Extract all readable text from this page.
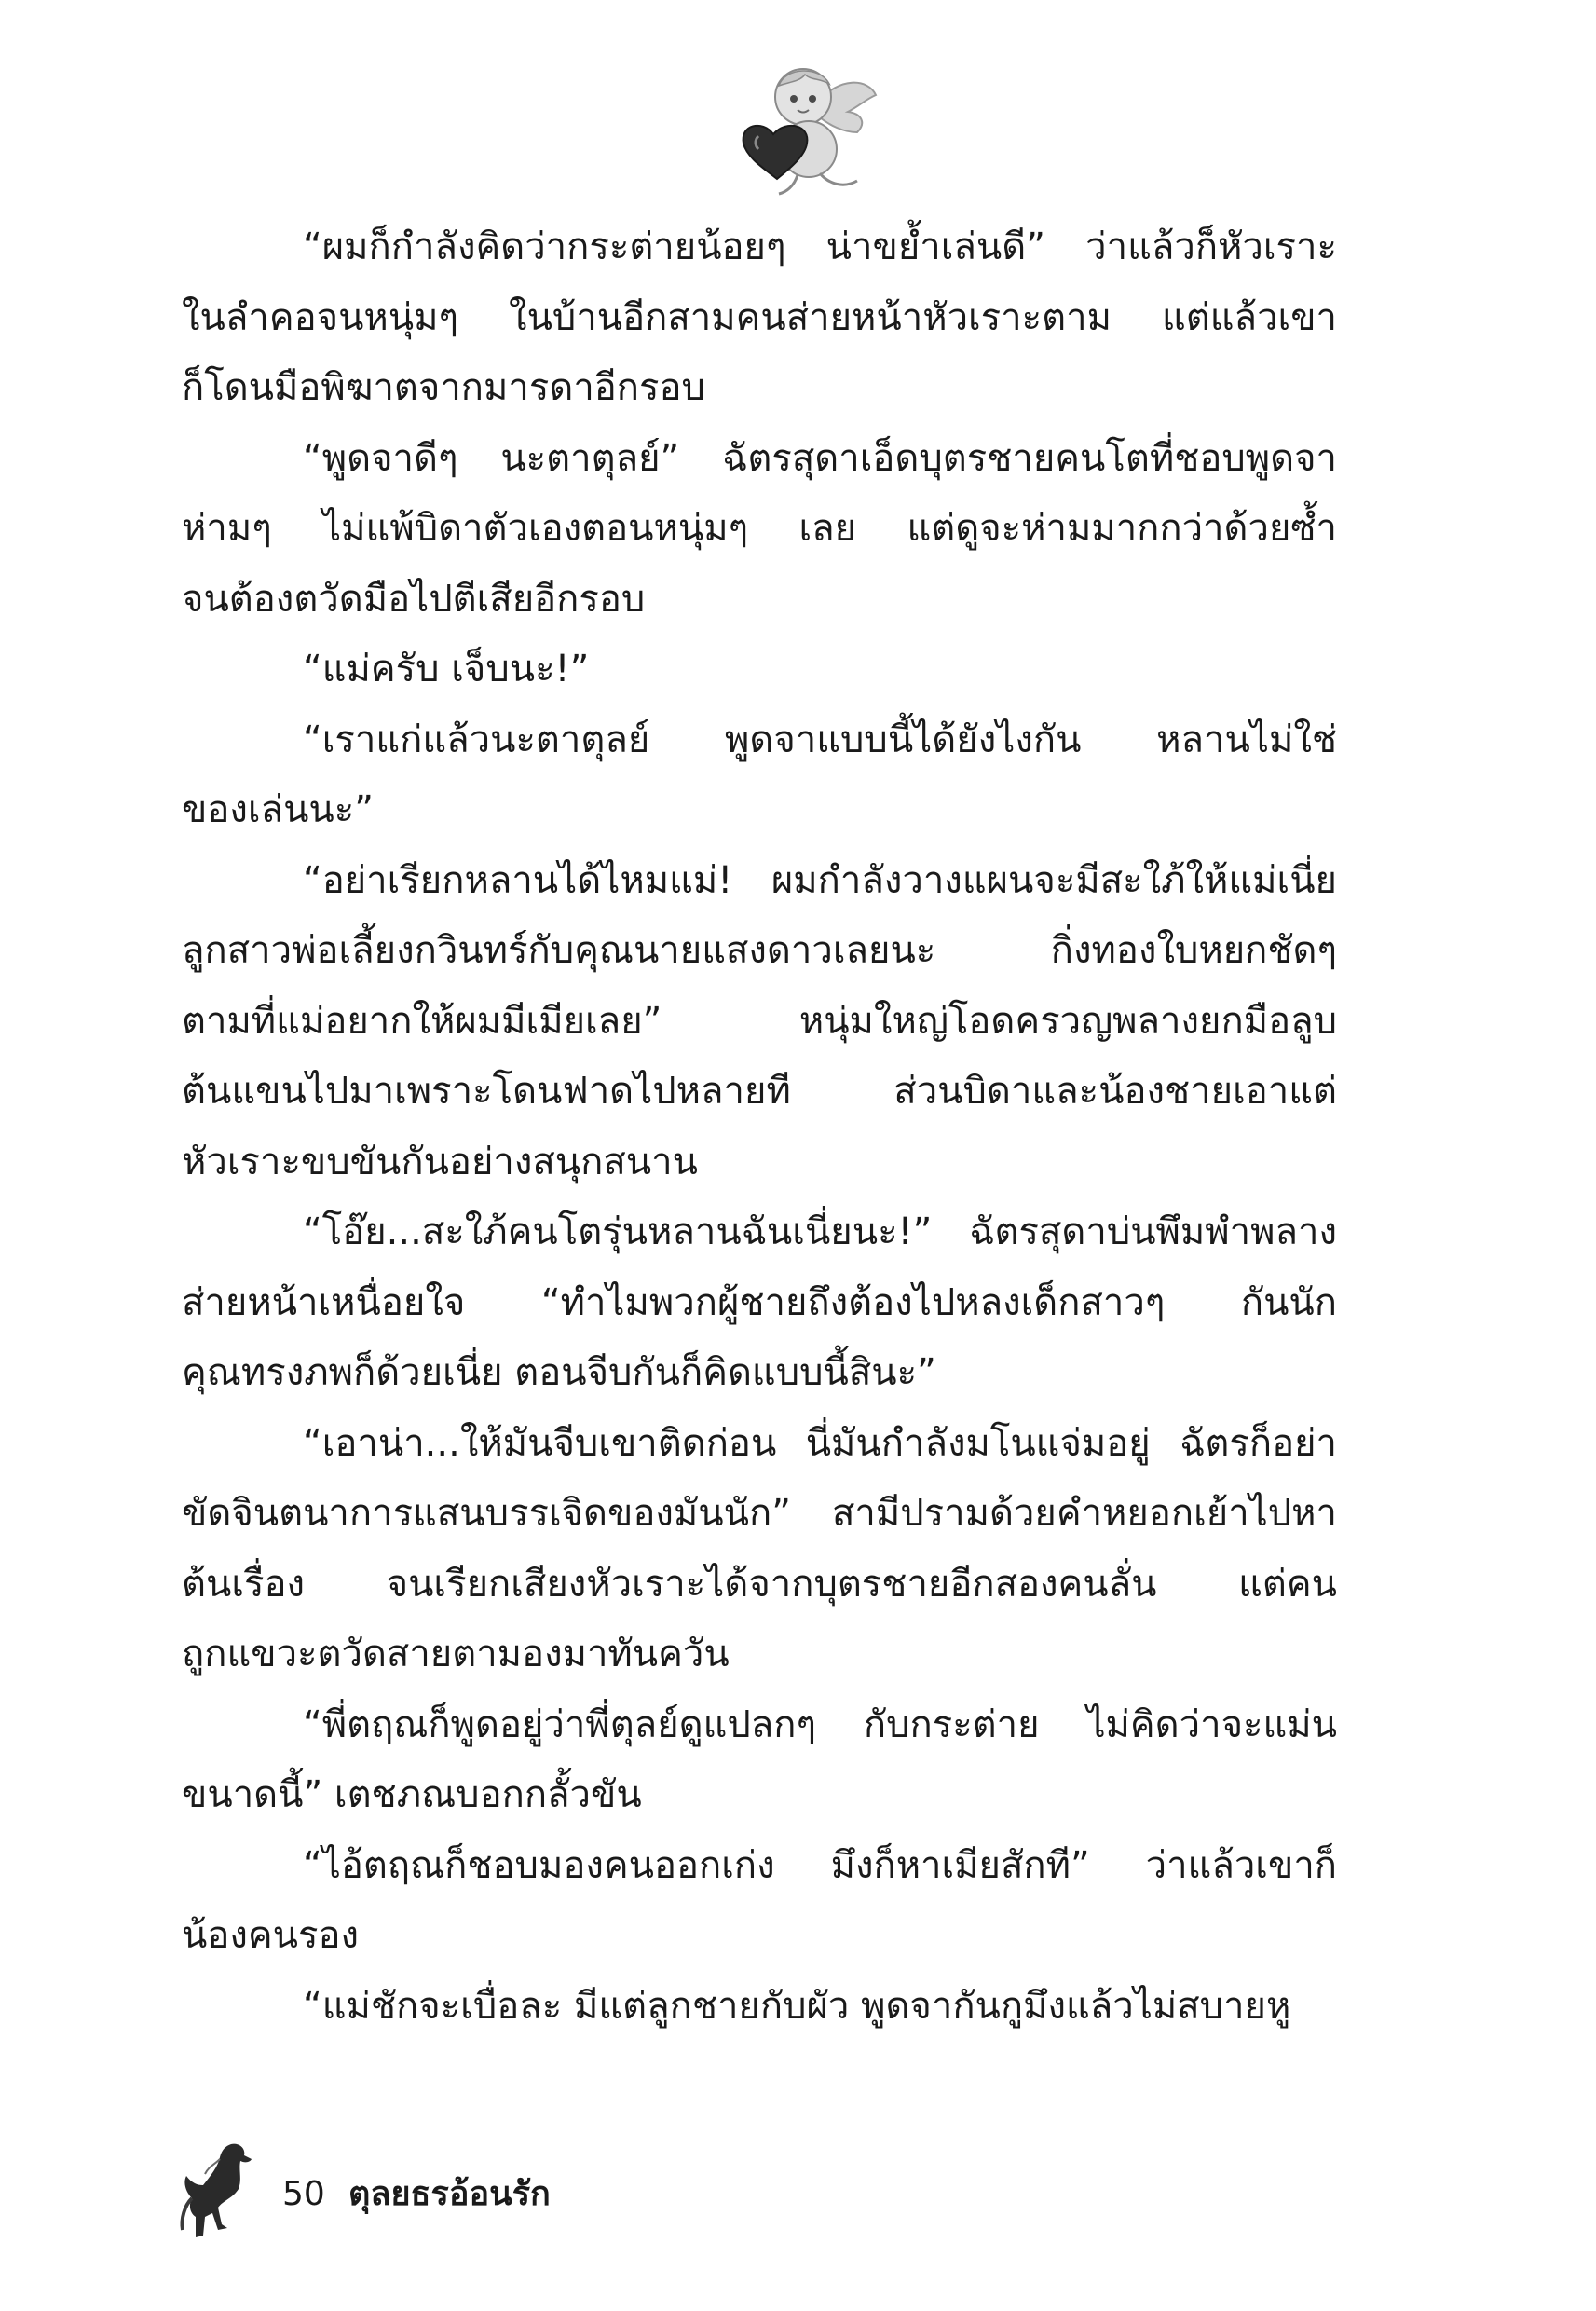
“ผมก็กำลังคิดว่ากระต่ายน้อยๆ น่าขย้ำเล่นดี” ว่าแล้วก็หัวเราะ
ในลำคอจนหนุ่มๆ ในบ้านอีกสามคนส่ายหน้าหัวเราะตาม แต่แล้วเขา
ก็โดนมือพิฆาตจากมารดาอีกรอบ
“พูดจาดีๆ นะตาตุลย์” ฉัตรสุดาเอ็ดบุตรชายคนโตที่ชอบพูดจา
ห่ามๆ ไม่แพ้บิดาตัวเองตอนหนุ่มๆ เลย แต่ดูจะห่ามมากกว่าด้วยซ้ำ
จนต้องตวัดมือไปตีเสียอีกรอบ
“แม่ครับ เจ็บนะ!”
“เราแก่แล้วนะตาตุลย์ พูดจาแบบนี้ได้ยังไงกัน หลานไม่ใช่
ของเล่นนะ”
“อย่าเรียกหลานได้ไหมแม่! ผมกำลังวางแผนจะมีสะใภ้ให้แม่เนี่ย
ลูกสาวพ่อเลี้ยงกวินทร์กับคุณนายแสงดาวเลยนะ กิ่งทองใบหยกชัดๆ
ตามที่แม่อยากให้ผมมีเมียเลย” หนุ่มใหญ่โอดครวญพลางยกมือลูบ
ต้นแขนไปมาเพราะโดนฟาดไปหลายที ส่วนบิดาและน้องชายเอาแต่
หัวเราะขบขันกันอย่างสนุกสนาน
“โอ๊ย...สะใภ้คนโตรุ่นหลานฉันเนี่ยนะ!” ฉัตรสุดาบ่นพึมพำพลาง
ส่ายหน้าเหนื่อยใจ “ทำไมพวกผู้ชายถึงต้องไปหลงเด็กสาวๆ กันนัก
คุณทรงภพก็ด้วยเนี่ย ตอนจีบกันก็คิดแบบนี้สินะ”
“เอาน่า...ให้มันจีบเขาติดก่อน นี่มันกำลังมโนแจ่มอยู่ ฉัตรก็อย่า
ขัดจินตนาการแสนบรรเจิดของมันนัก” สามีปรามด้วยคำหยอกเย้าไปหา
ต้นเรื่อง จนเรียกเสียงหัวเราะได้จากบุตรชายอีกสองคนลั่น แต่คน
ถูกแขวะตวัดสายตามองมาทันควัน
“พี่ตฤณก็พูดอยู่ว่าพี่ตุลย์ดูแปลกๆ กับกระต่าย ไม่คิดว่าจะแม่น
ขนาดนี้” เตชภณบอกกลั้วขัน
“ไอ้ตฤณก็ชอบมองคนออกเก่ง มึงก็หาเมียสักที” ว่าแล้วเขาก็
น้องคนรอง
“แม่ชักจะเบื่อละ มีแต่ลูกชายกับผัว พูดจากันกูมึงแล้วไม่สบายหู
50 ตุลยธรอ้อนรัก
